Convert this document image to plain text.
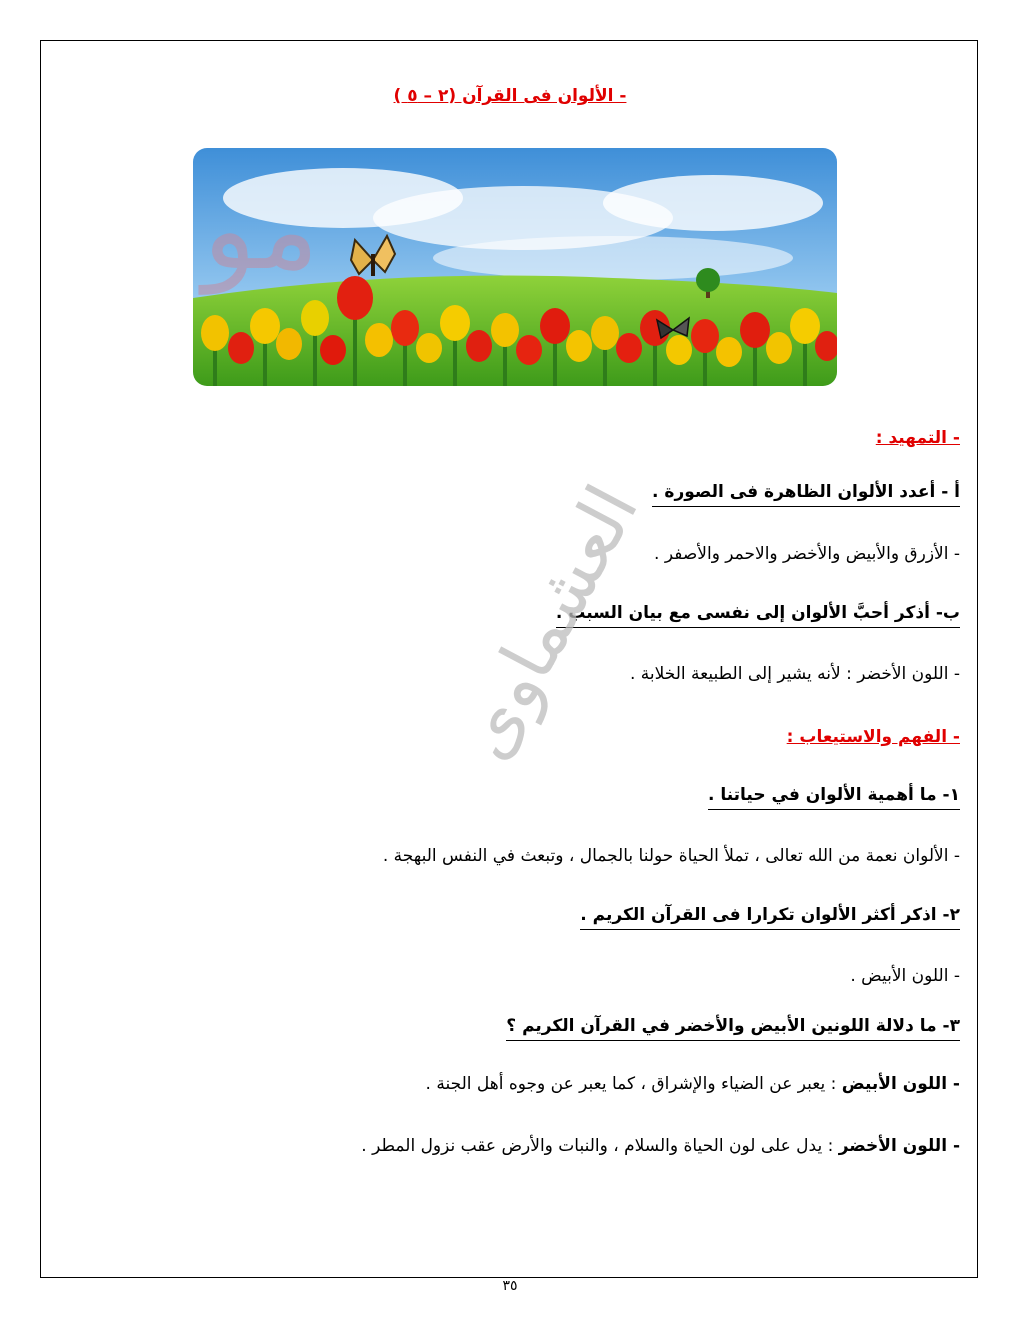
- الألوان فى القرآن (٢ – ٥ )
مو
- التمهيد :
أ - أعدد الألوان الظاهرة فى الصورة .
- الأزرق والأبيض والأخضر والاحمر والأصفر .
ب- أذكر أحبَّ الألوان إلى نفسى مع بيان السبب .
- اللون الأخضر : لأنه يشير إلى الطبيعة الخلابة .
- الفهم والاستيعاب :
١- ما أهمية الألوان في حياتنا .
- الألوان نعمة من الله تعالى ، تملأ الحياة حولنا بالجمال ، وتبعث في النفس البهجة .
٢- اذكر أكثر الألوان تكرارا فى القرآن الكريم .
- اللون الأبيض .
٣- ما دلالة اللونين الأبيض والأخضر في القرآن الكريم ؟
- اللون الأبيض : يعبر عن الضياء والإشراق ، كما يعبر عن وجوه أهل الجنة .
- اللون الأخضر : يدل على لون الحياة والسلام ، والنبات والأرض عقب نزول المطر .
العشماوى
٣٥
